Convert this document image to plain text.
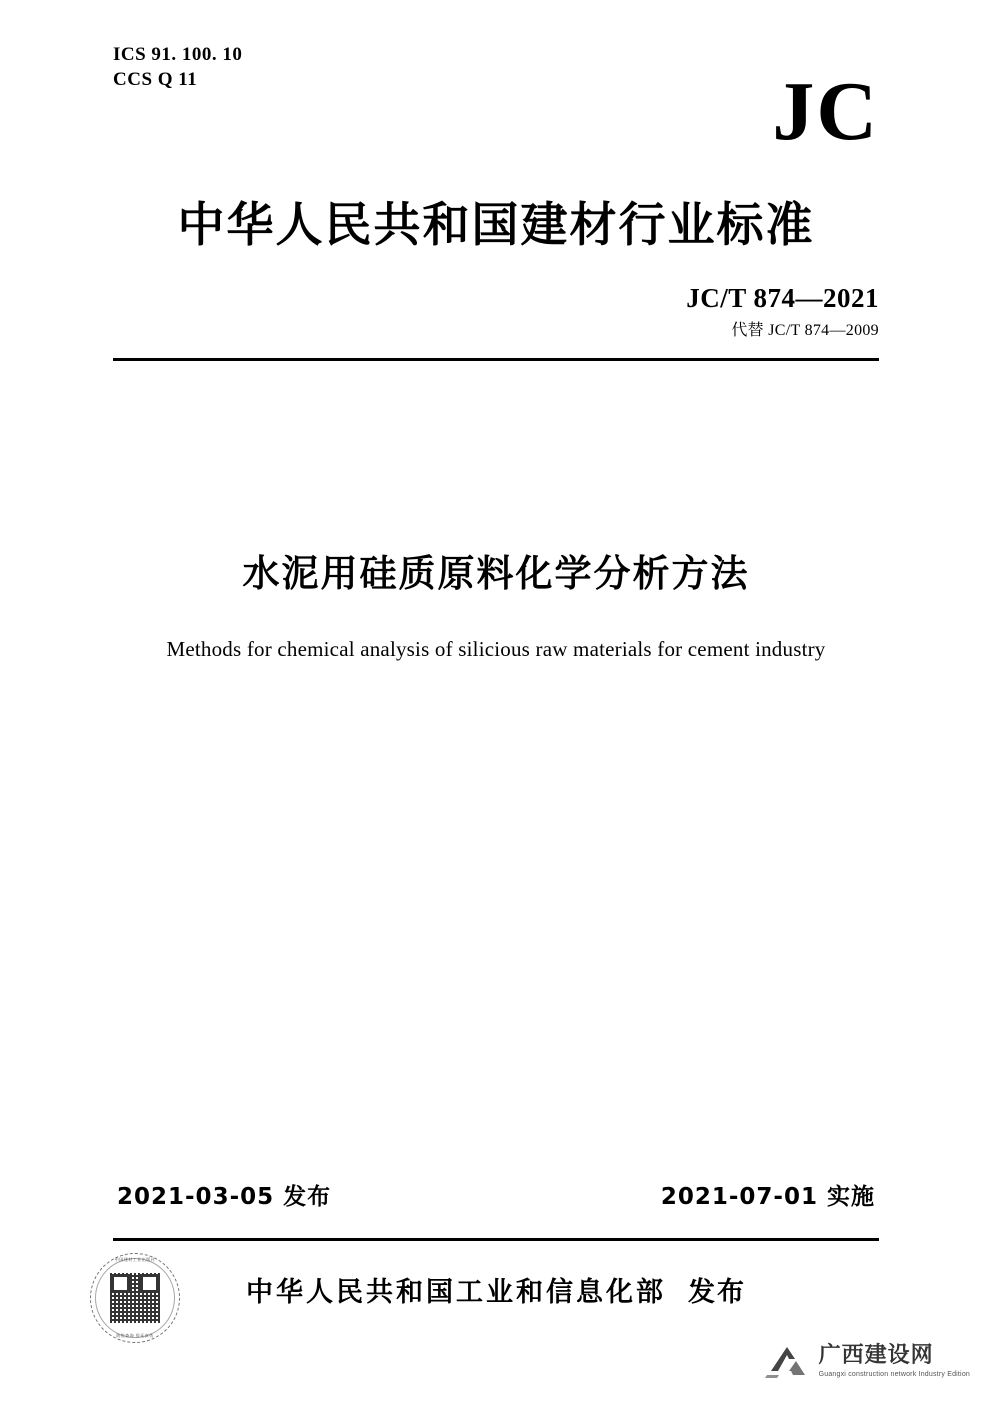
ICS 91. 100. 10
CCS Q 11	JC
中华人民共和国建材行业标准
JC/T 874—2021
代替 JC/T 874—2009
水泥用硅质原料化学分析方法
Methods for chemical analysis of silicious raw materials for cement industry
2021-03-05 发布	2021-07-01 实施
中华人民共和国工业和信息化部 发布
中国建材工业出版社
防伪查询 验证真伪
广西建设网
Guangxi construction network Industry Edition
